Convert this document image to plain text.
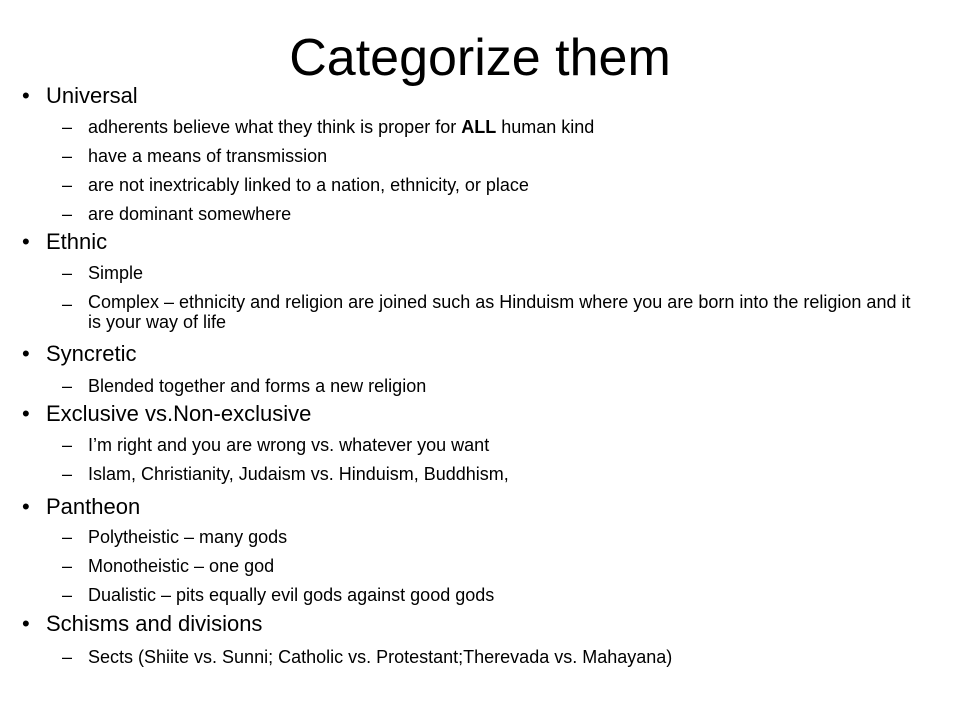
Categorize them
• Universal
– adherents believe what they think is proper for ALL human kind
– have a means of transmission
– are not inextricably linked to a nation, ethnicity, or place
– are dominant somewhere
• Ethnic
– Simple
– Complex – ethnicity and religion are joined such as Hinduism where you are born into the religion and it is your way of life
• Syncretic
– Blended together and forms a new religion
• Exclusive vs.Non-exclusive
– I’m right and you are wrong vs. whatever you want
– Islam, Christianity, Judaism vs. Hinduism, Buddhism,
• Pantheon
– Polytheistic – many gods
– Monotheistic – one god
– Dualistic – pits equally evil gods against good gods
• Schisms and divisions
– Sects (Shiite vs. Sunni; Catholic vs. Protestant;Therevada vs. Mahayana)
